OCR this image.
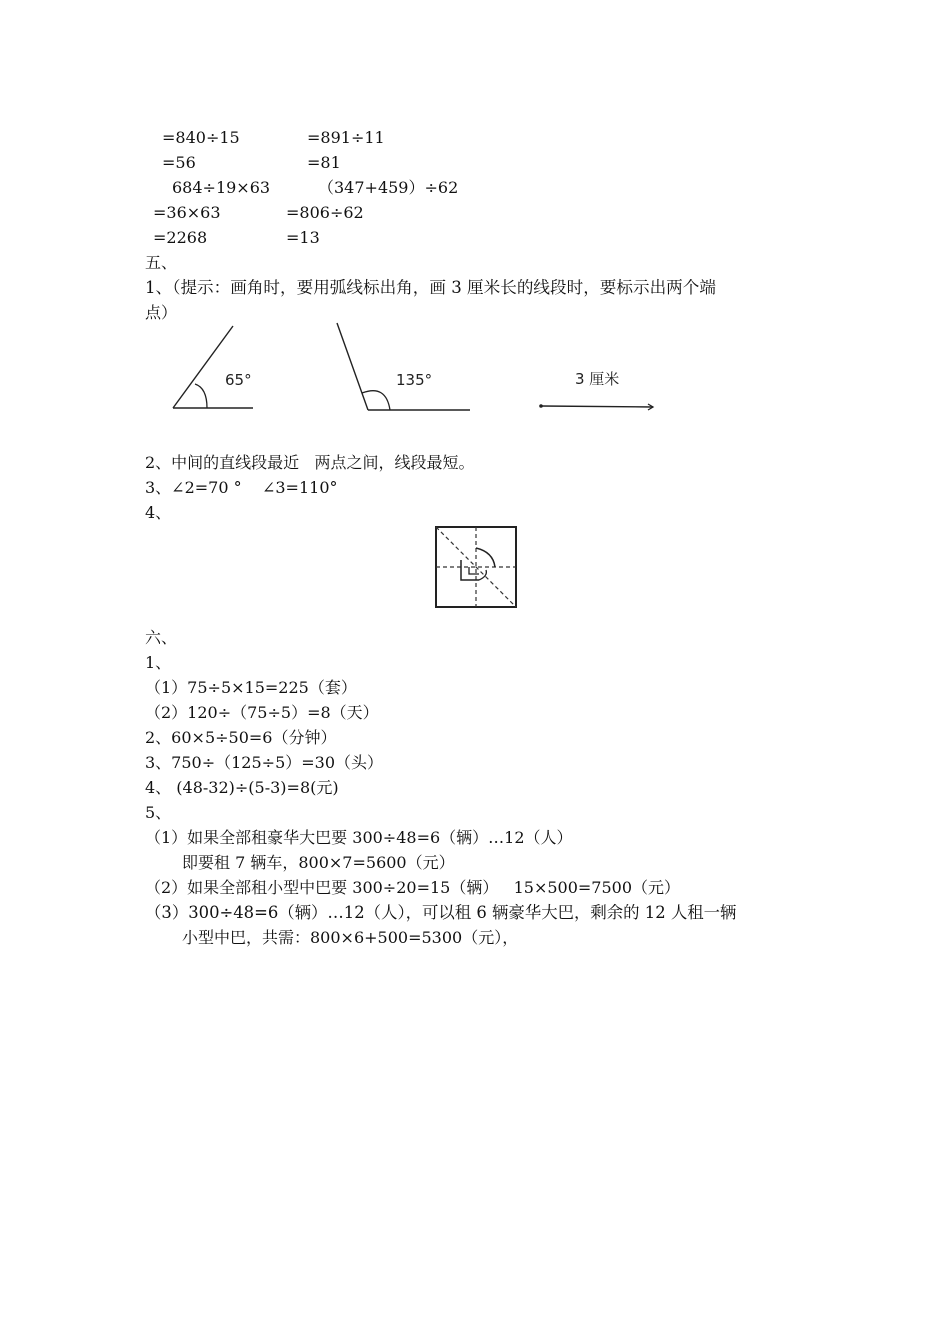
=840÷15	=891÷11
=56	=81
684÷19×63	（347+459）÷62
=36×63	=806÷62
=2268	=13
五、
1、（提示：画角时，要用弧线标出角，画 3 厘米长的线段时，要标示出两个端
点）
65°	135°	3 厘米
2、中间的直线段最近   两点之间，线段最短。
3、∠2=70 °    ∠3=110°
4、
六、
1、
（1）75÷5×15=225（套）
（2）120÷（75÷5）=8（天）
2、60×5÷50=6（分钟）
3、750÷（125÷5）=30（头）
4、 (48-32)÷(5-3)=8(元)
5、
（1）如果全部租豪华大巴要 300÷48=6（辆）…12（人）
即要租 7 辆车，800×7=5600（元）
（2）如果全部租小型中巴要 300÷20=15（辆）   15×500=7500（元）
（3）300÷48=6（辆）…12（人），可以租 6 辆豪华大巴，剩余的 12 人租一辆
小型中巴，共需：800×6+500=5300（元），
